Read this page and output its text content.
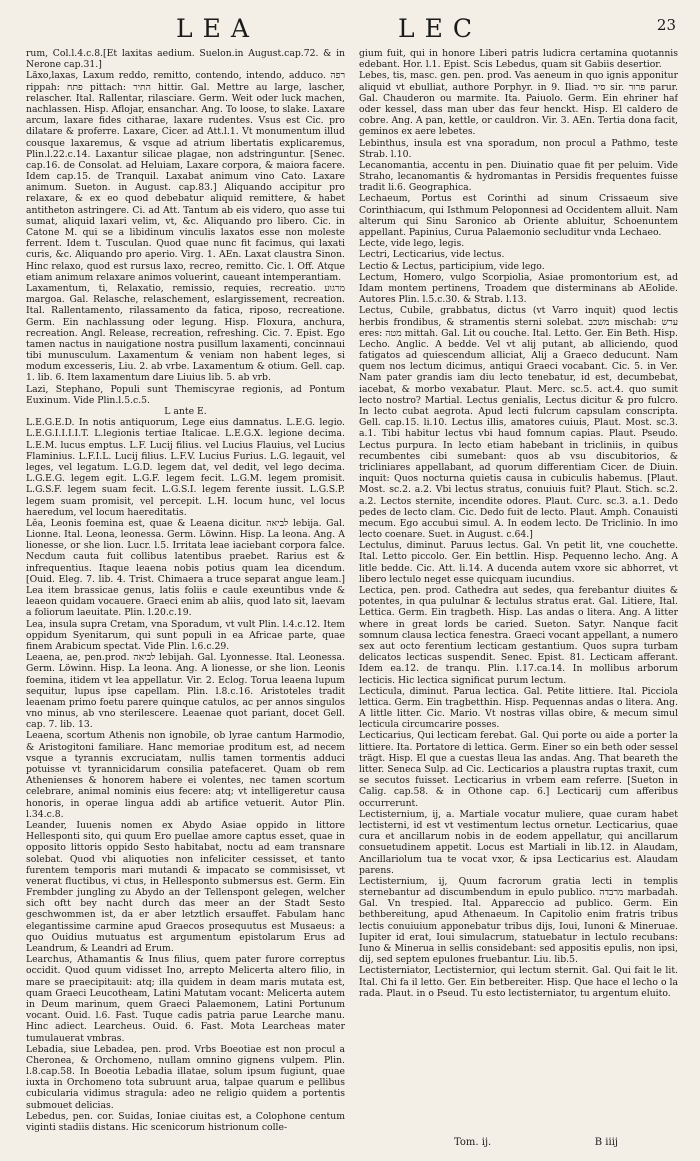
LEA	LEC	23

rum, Col.l.4.c.8.[Et laxitas aedium. Suelon.in August.cap.72. & in Nerone cap.31.]

Lăxo,laxas, Laxum reddo, remitto, contendo, intendo, adduco. רפה rippah: פתח pittach: התיר hittir. Gal. Mettre au large, lascher, relascher. Ital. Rallentar, rilasciare. Germ. Weit oder luck machen, nachlassen. Hisp. Aflojar, ensanchar. Ang. To loose, to slake. Laxare arcum, laxare fides citharae, laxare rudentes. Vsus est Cic. pro dilatare & proferre. Laxare, Cicer. ad Att.l.1. Vt monumentum illud cousque laxaremus, & vsque ad atrium libertatis explicaremus, Plin.l.22.c.14. Laxantur silicae plagae, non adstringuntur. [Senec. cap.16. de Consolat. ad Heluiam, Laxare corpora, & maiora facere. Idem cap.15. de Tranquil. Laxabat animum vino Cato. Laxare animum. Sueton. in August. cap.83.] Aliquando accipitur pro relaxare, & ex eo quod debebatur aliquid remittere, & habet antitheton astringere. Ci. ad Att. Tantum ab eis videro, quo asse tui sumat, aliquid laxari velim, vt, &c. Aliquando pro libero. Cic. in Catone M. qui se a libidinum vinculis laxatos esse non moleste ferrent. Idem t. Tusculan. Quod quae nunc fit facimus, qui laxati curis, &c. Aliquando pro aperio. Virg. 1. AEn. Laxat claustra Sinon. Hinc relaxo, quod est rursus laxo, recreo, remitto. Cic. l. Off. Atque etiam animum relaxare animos voluerint, caueant intemperantiam.

Laxamentum, ti, Relaxatio, remissio, requies, recreatio. מרגוע margoa. Gal. Relasche, relaschement, eslargissement, recreation. Ital. Rallentamento, rilassamento da fatica, riposo, recreatione. Germ. Ein nachlassung oder legung. Hisp. Floxura, anchura, recreation. Angl. Release, recreation, refreshing. Cic. 7. Epist. Ego tamen nactus in nauigatione nostra pusillum laxamenti, concinnaui tibi munusculum. Laxamentum & veniam non habent leges, si modum excesseris, Liu. 2. ab vrbe. Laxamentum & otium. Gell. cap. 1. lib. 6. Item laxamentum dare Liuius lib. 5. ab vrb.

Lazi, Stephano, Populi sunt Themiscyrae regionis, ad Pontum Euxinum. Vide Plin.l.5.c.5.

L ante E.

L.E.G.E.D. In notis antiquorum, Lege eius damnatus. L.E.G. legio. L.E.G.I.I.I.I.T. L.legionis tertiae Italicae. L.E.G.X. legione decima. L.E.M. lucus emptus. L.F. Lucij filius. vel Lucius Flauius, vel Lucius Flaminius. L.F.I.L. Lucij filius. L.F.V. Lucius Furius. L.G. legauit, vel leges, vel legatum. L.G.D. legem dat, vel dedit, vel lego decima. L.G.E.G. legem egit. L.G.F. legem fecit. L.G.M. legem promisit. L.G.S.F. legem suam fecit. L.G.S.I. legem ferente iussit. L.G.S.P. legem suam promisit, vel percepit. L.H. locum hunc, vel locus haeredum, vel locum haereditatis.

Lĕa, Leonis foemina est, quae & Leaena dicitur. לביאה lebija. Gal. Lionne. Ital. Leona, leonessa. Germ. Löwinn. Hisp. La leona. Ang. A lionesse, or she lion. Lucr. l.5. Irritata leae iaciebant corpora falce. Necdum cauta fuit collibus latentibus praebet. Rarius est & infrequentius. Itaque leaena nobis potius quam lea dicendum. [Ouid. Eleg. 7. lib. 4. Trist. Chimaera a truce separat angue leam.] Lea item brassicae genus, latis foliis e caule exeuntibus vnde & leaeon quidam vocauere. Graeci enim ab aliis, quod lato sit, laevam a foliorum laeuitate. Plin. l.20.c.19.

Lea, insula supra Cretam, vna Sporadum, vt vult Plin. l.4.c.12. Item oppidum Syenitarum, qui sunt populi in ea Africae parte, quae finem Arabicum spectat. Vide Plin. l.6.c.29.

Leaena, ae, pen.prod. לביאה lebijah. Gal. Lyonnesse. Ital. Leonessa. Germ. Löwinn. Hisp. La leona. Ang. A lionesse, or she lion. Leonis foemina, itidem vt lea appellatur. Vir. 2. Eclog. Torua leaena lupum sequitur, lupus ipse capellam. Plin. l.8.c.16. Aristoteles tradit leaenam primo foetu parere quinque catulos, ac per annos singulos vno minus, ab vno sterilescere. Leaenae quot pariant, docet Gell. cap. 7. lib. 13.

Leaena, scortum Athenis non ignobile, ob lyrae cantum Harmodio, & Aristogitoni familiare. Hanc memoriae proditum est, ad necem vsque a tyrannis excruciatam, nullis tamen tormentis adduci potuisse vt tyrannicidarum consilia patefaceret. Quam ob rem Athenienses & honorem habere ei volentes, nec tamen scortum celebrare, animal nominis eius fecere: atq; vt intelligeretur causa honoris, in operae lingua addi ab artifice vetuerit. Autor Plin. l.34.c.8.

Leander, Iuuenis nomen ex Abydo Asiae oppido in littore Hellesponti sito, qui quum Ero puellae amore captus esset, quae in opposito littoris oppido Sesto habitabat, noctu ad eam transnare solebat. Quod vbi aliquoties non infeliciter cessisset, et tanto furentem temporis mari mutandi & impacato se commisisset, vt venerat fluctibus, vi ctus, in Hellesponto submersus est. Germ. Ein Frembder jungling zu Abydo an der Tellenspont gelegen, welcher sich oftt bey nacht durch das meer an der Stadt Sesto geschwommen ist, da er aber letztlich ersauffet. Fabulam hanc elegantissime carmine apud Graecos prosequutus est Musaeus: a quo Ouidius mutuatus est argumentum epistolarum Erus ad Leandrum, & Leandri ad Erum.

Learchus, Athamantis & Inus filius, quem pater furore correptus occidit. Quod quum vidisset Ino, arrepto Melicerta altero filio, in mare se praecipitauit: atq; illa quidem in deam maris mutata est, quam Graeci Leucotheam, Latini Matutam vocant: Melicerta autem in Deum marinum, quem Graeci Palaemonem, Latini Portunum vocant. Ouid. l.6. Fast. Tuque cadis patria parue Learche manu. Hinc adiect. Learcheus. Ouid. 6. Fast. Mota Learcheas mater tumulauerat vmbras.

Lebadia, siue Lebadea, pen. prod. Vrbs Boeotiae est non procul a Cheronea, & Orchomeno, nullam omnino gignens vulpem. Plin. l.8.cap.58. In Boeotia Lebadia illatae, solum ipsum fugiunt, quae iuxta in Orchomeno tota subruunt arua, talpae quarum e pellibus cubicularia vidimus stragula: adeo ne religio quidem a portentis submouet delicias.

Lebedus, pen. cor. Suidas, Ioniae ciuitas est, a Colophone centum viginti stadiis distans. Hic scenicorum histrionum colle-

gium fuit, qui in honore Liberi patris ludicra certamina quotannis edebant. Hor. l.1. Epist. Scis Lebedus, quam sit Gabiis desertior.

Lebes, tis, masc. gen. pen. prod. Vas aeneum in quo ignis apponitur aliquid vt ebulliat, authore Porphyr. in 9. Iliad. סיר sir. פרור parur. Gal. Chauderon ou marmite. Ita. Paiuolo. Germ. Ein ehriner haf oder kessel, dass man uber das feur henckt. Hisp. El caldero de cobre. Ang. A pan, kettle, or cauldron. Vir. 3. AEn. Tertia dona facit, geminos ex aere lebetes.

Lebinthus, insula est vna sporadum, non procul a Pathmo, teste Strab. l.10.

Lecanomantia, accentu in pen. Diuinatio quae fit per peluim. Vide Straho, lecanomantis & hydromantas in Persidis frequentes fuisse tradit li.6. Geographica.

Lechaeum, Portus est Corinthi ad sinum Crissaeum sive Corinthiacum, qui Isthmum Peloponnesi ad Occidentem alluit. Nam alterum qui Sinu Saronico ab Oriente abluitur, Schoenuntem appellant. Papinius, Curua Palaemonio secluditur vnda Lechaeo.

Lecte, vide lego, legis.

Lectri, Lecticarius, vide lectus.

Lectio & Lectus, participium, vide lego.

Lectum, Homero, vulgo Scorpiolia, Asiae promontorium est, ad Idam montem pertinens, Troadem que disterminans ab AEolide. Autores Plin. l.5.c.30. & Strab. l.13.

Lectus, Cubile, grabbatus, dictus (vt Varro inquit) quod lectis herbis frondibus, & stramentis sterni solebat. משכב mischab: ערש eres: מטה mittah. Gal. Lit ou couche. Ital. Letto. Ger. Ein Beth. Hisp. Lecho. Anglic. A bedde. Vel vt alij putant, ab alliciendo, quod fatigatos ad quiescendum alliciat, Alij a Graeco deducunt. Nam quem nos lectum dicimus, antiqui Graeci vocabant. Cic. 5. in Ver. Nam pater grandis iam diu lecto tenebatur, id est, decumbebat, iacebat, & morbo vexabatur. Plaut. Merc. sc.5. act.4. quo sumit lecto nostro? Martial. Lectus genialis, Lectus dicitur & pro fulcro. In lecto cubat aegrota. Apud lecti fulcrum capsulam conscripta. Gell. cap.15. li.10. Lectus illis, amatores cuiuis, Plaut. Most. sc.3. a.1. Tibi habitur lectus vbi haud fomnum capias. Plaut. Pseudo. Lectus purpura. In lecto etiam habebant in tricliniis, in quibus recumbentes cibi sumebant: quos ab vsu discubitorios, & tricliniares appellabant, ad quorum differentiam Cicer. de Diuin. inquit: Quos nocturna quietis causa in cubiculis habemus. [Plaut. Most. sc.2. a.2. Vbi lectus stratus, conuiuis fuit? Plaut. Stich. sc.2. a.2. Lectos sternite, incendite odores. Plaut. Curc. sc.3. a.1. Dedo pedes de lecto clam. Cic. Dedo fuit de lecto. Plaut. Amph. Conauisti mecum. Ego accubui simul. A. In eodem lecto. De Triclinio. In imo lecto coenare. Suet. in August. c.64.]

Lectulus, diminut. Paruus lectus. Gal. Vn petit lit, vne couchette. Ital. Letto piccolo. Ger. Ein bettlin. Hisp. Pequenno lecho. Ang. A litle bedde. Cic. Att. li.14. A ducenda autem vxore sic abhorret, vt libero lectulo neget esse quicquam iucundius.

Lectica, pen. prod. Cathedra aut sedes, qua ferebantur diuites & potentes, in qua pululnar & lectulus stratus erat. Gal. Litiere, Ital. Lettica. Germ. Ein tragbeth. Hisp. Las andas o litera. Ang. A litter where in great lords be caried. Sueton. Satyr. Nanque facit somnum clausa lectica fenestra. Graeci vocant appellant, a numero sex aut octo ferentium lecticam gestantium. Quos supra turbam delicatos lecticas suspendit. Senec. Epist. 81. Lecticam afferant. Idem ea.12. de tranqu. Plin. l.17.ca.14. In mollibus arborum lecticis. Hic lectica significat purum lectum.

Lecticula, diminut. Parua lectica. Gal. Petite littiere. Ital. Picciola lettica. Germ. Ein tragbetthin. Hisp. Pequennas andas o litera. Ang. A little litter. Cic. Mario. Vt nostras villas obire, & mecum simul lecticula circumcarire posses.

Lecticarius, Qui lecticam ferebat. Gal. Qui porte ou aide a porter la littiere. Ita. Portatore di lettica. Germ. Einer so ein beth oder sessel trägt. Hisp. El que a cuestas lleua las andas. Ang. That beareth the litter. Seneca Sulp. ad Cic. Lecticarios a plaustra ruptas traxit, cum se secutos fuisset. Lecticarius in vrbem eam referre. [Sueton in Calig. cap.58. & in Othone cap. 6.] Lecticarij cum afferibus occurrerunt.

Lectisternium, ij, a. Martiale vocatur muliere, quae curam habet lectisterni, id est vt vestimentum lectus ornetur. Lecticarius, quae cura et ancillarum nobis in de eodem appellatur, qui ancillarum consuetudinem appetit. Locus est Martiali in lib.12. in Alaudam, Ancillariolum tua te vocat vxor, & ipsa Lecticarius est. Alaudam parens.

Lectisternium, ij, Quum facrorum gratia lecti in templis sternebantur ad discumbendum in epulo publico. מרבדה marbadah. Gal. Vn trespied. Ital. Appareccio ad publico. Germ. Ein bethbereitung, apud Athenaeum. In Capitolio enim fratris tribus lectis conuiuium apponebatur tribus dijs, Ioui, Iunoni & Mineruae. Iupiter id erat, Ioui simulacrum, statuebatur in lectulo recubans: Iuno & Minerua in sellis considebant: sed appositis epulis, non ipsi, dij, sed septem epulones fruebantur. Liu. lib.5.

Lectisterniator, Lectisternior, qui lectum sternit. Gal. Qui fait le lit. Ital. Chi fa il letto. Ger. Ein betbereiter. Hisp. Que hace el lecho o la rada. Plaut. in o Pseud. Tu esto lectisterniator, tu argentum eluito.

Tom. ij.	B iiij
